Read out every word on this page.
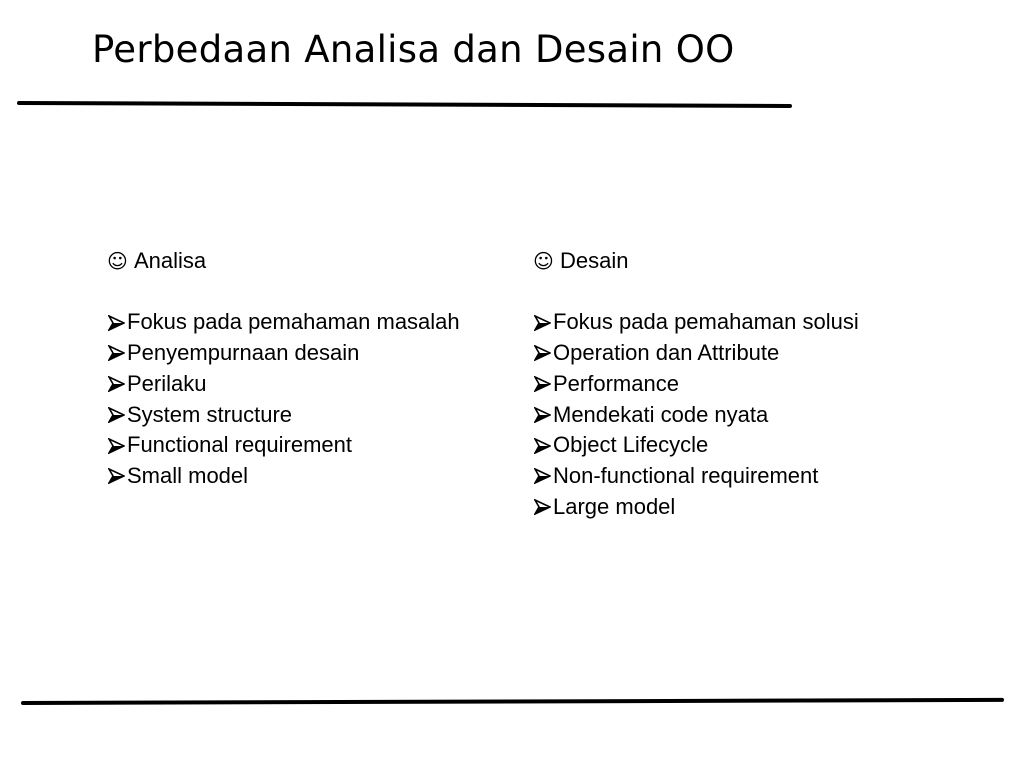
Perbedaan Analisa dan Desain OO
☺ Analisa
Fokus pada pemahaman masalah
Penyempurnaan desain
Perilaku
System structure
Functional requirement
Small model
☺ Desain
Fokus pada pemahaman solusi
Operation dan Attribute
Performance
Mendekati code nyata
Object Lifecycle
Non-functional requirement
Large model
